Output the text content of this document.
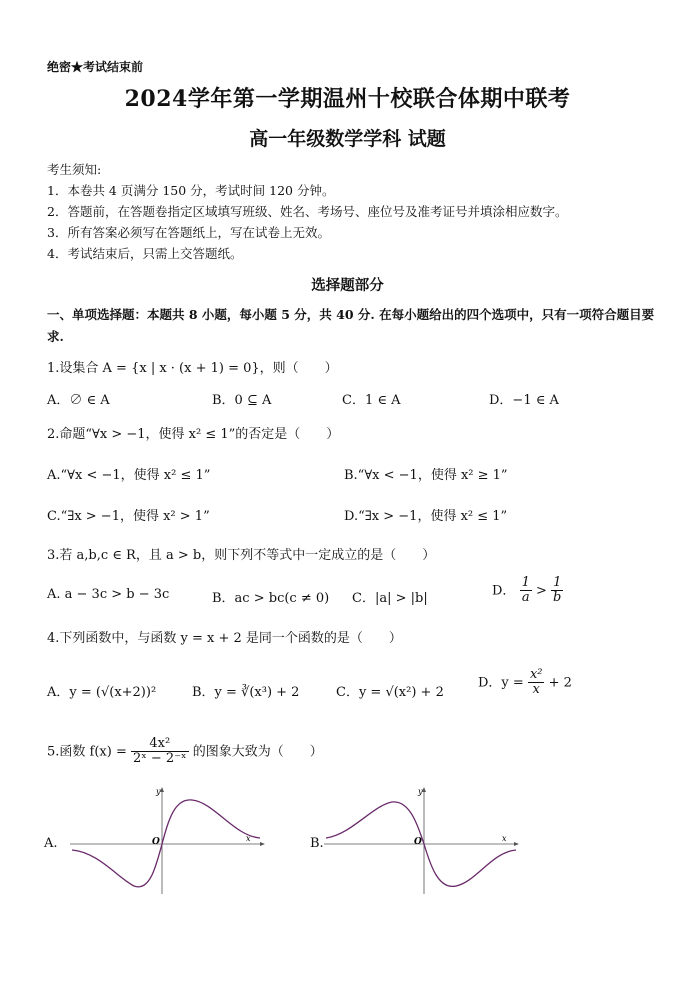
绝密★考试结束前
2024学年第一学期温州十校联合体期中联考
高一年级数学学科 试题
考生须知:
1．本卷共 4 页满分 150 分，考试时间 120 分钟。
2．答题前，在答题卷指定区域填写班级、姓名、考场号、座位号及准考证号并填涂相应数字。
3．所有答案必须写在答题纸上，写在试卷上无效。
4．考试结束后，只需上交答题纸。
选择题部分
一、单项选择题：本题共 8 小题，每小题 5 分，共 40 分. 在每小题给出的四个选项中，只有一项符合题目要求.
1.设集合 A = {x | x · (x + 1) = 0}，则（　　）
A．∅ ∈ A	B．0 ⊆ A	C．1 ∈ A	D．−1 ∈ A
2.命题“∀x > −1，使得 x² ≤ 1”的否定是（　　）
A.“∀x < −1，使得 x² ≤ 1”	B.“∀x < −1，使得 x² ≥ 1”
C.“∃x > −1，使得 x² > 1”	D.“∃x > −1，使得 x² ≤ 1”
3.若 a,b,c ∈ R，且 a > b，则下列不等式中一定成立的是（　　）
A. a − 3c > b − 3c	B．ac > bc(c ≠ 0) C．|a| > |b|
D． $\frac{1}{a} > \frac{1}{b}$
4.下列函数中，与函数 y = x + 2 是同一个函数的是（　　）
A．y = (√(x+2))²	B．y = ∛(x³) + 2	C．y = √(x²) + 2
D．$y = \frac{\text{x²}}{x} + 2$
5.函数 $f(x) = \frac{\text{4x²}}{\text{2ˣ − 2⁻ˣ}}$ 的图象大致为（　　）
A.	B.
y
x
O
y
x
O
